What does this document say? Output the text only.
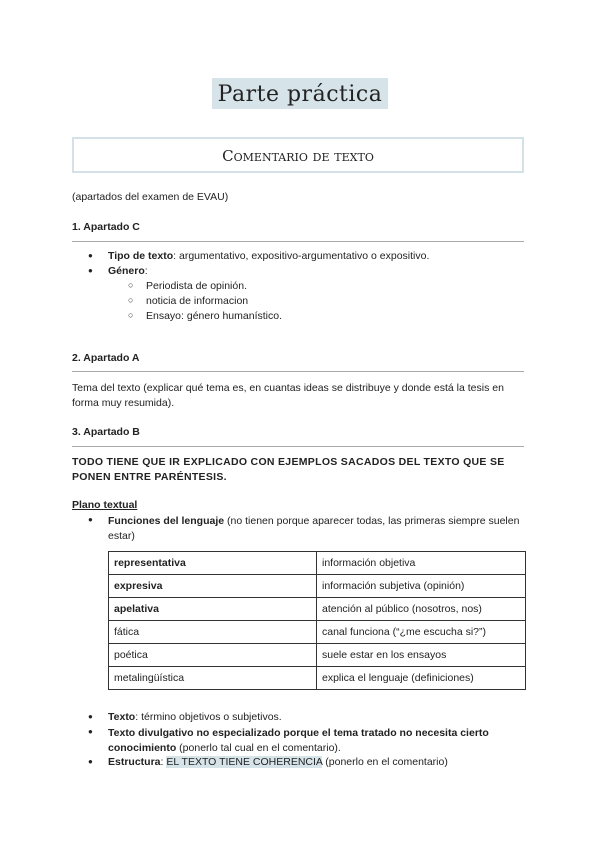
Parte práctica
Comentario de texto
(apartados del examen de EVAU)
1. Apartado C
● Tipo de texto: argumentativo, expositivo-argumentativo o expositivo.
● Género:
○ Periodista de opinión.
○ noticia de informacion
○ Ensayo: género humanístico.
2. Apartado A
Tema del texto (explicar qué tema es, en cuantas ideas se distribuye y donde está la tesis en forma muy resumida).
3. Apartado B
TODO TIENE QUE IR EXPLICADO CON EJEMPLOS SACADOS DEL TEXTO QUE SE PONEN ENTRE PARÉNTESIS.
Plano textual
● Funciones del lenguaje (no tienen porque aparecer todas, las primeras siempre suelen estar)
representativa	información objetiva
expresiva	información subjetiva (opinión)
apelativa	atención al público (nosotros, nos)
fática	canal funciona (“¿me escucha si?”)
poética	suele estar en los ensayos
metalingüística	explica el lenguaje (definiciones)
● Texto: término objetivos o subjetivos.
● Texto divulgativo no especializado porque el tema tratado no necesita cierto conocimiento (ponerlo tal cual en el comentario).
● Estructura: EL TEXTO TIENE COHERENCIA (ponerlo en el comentario)
